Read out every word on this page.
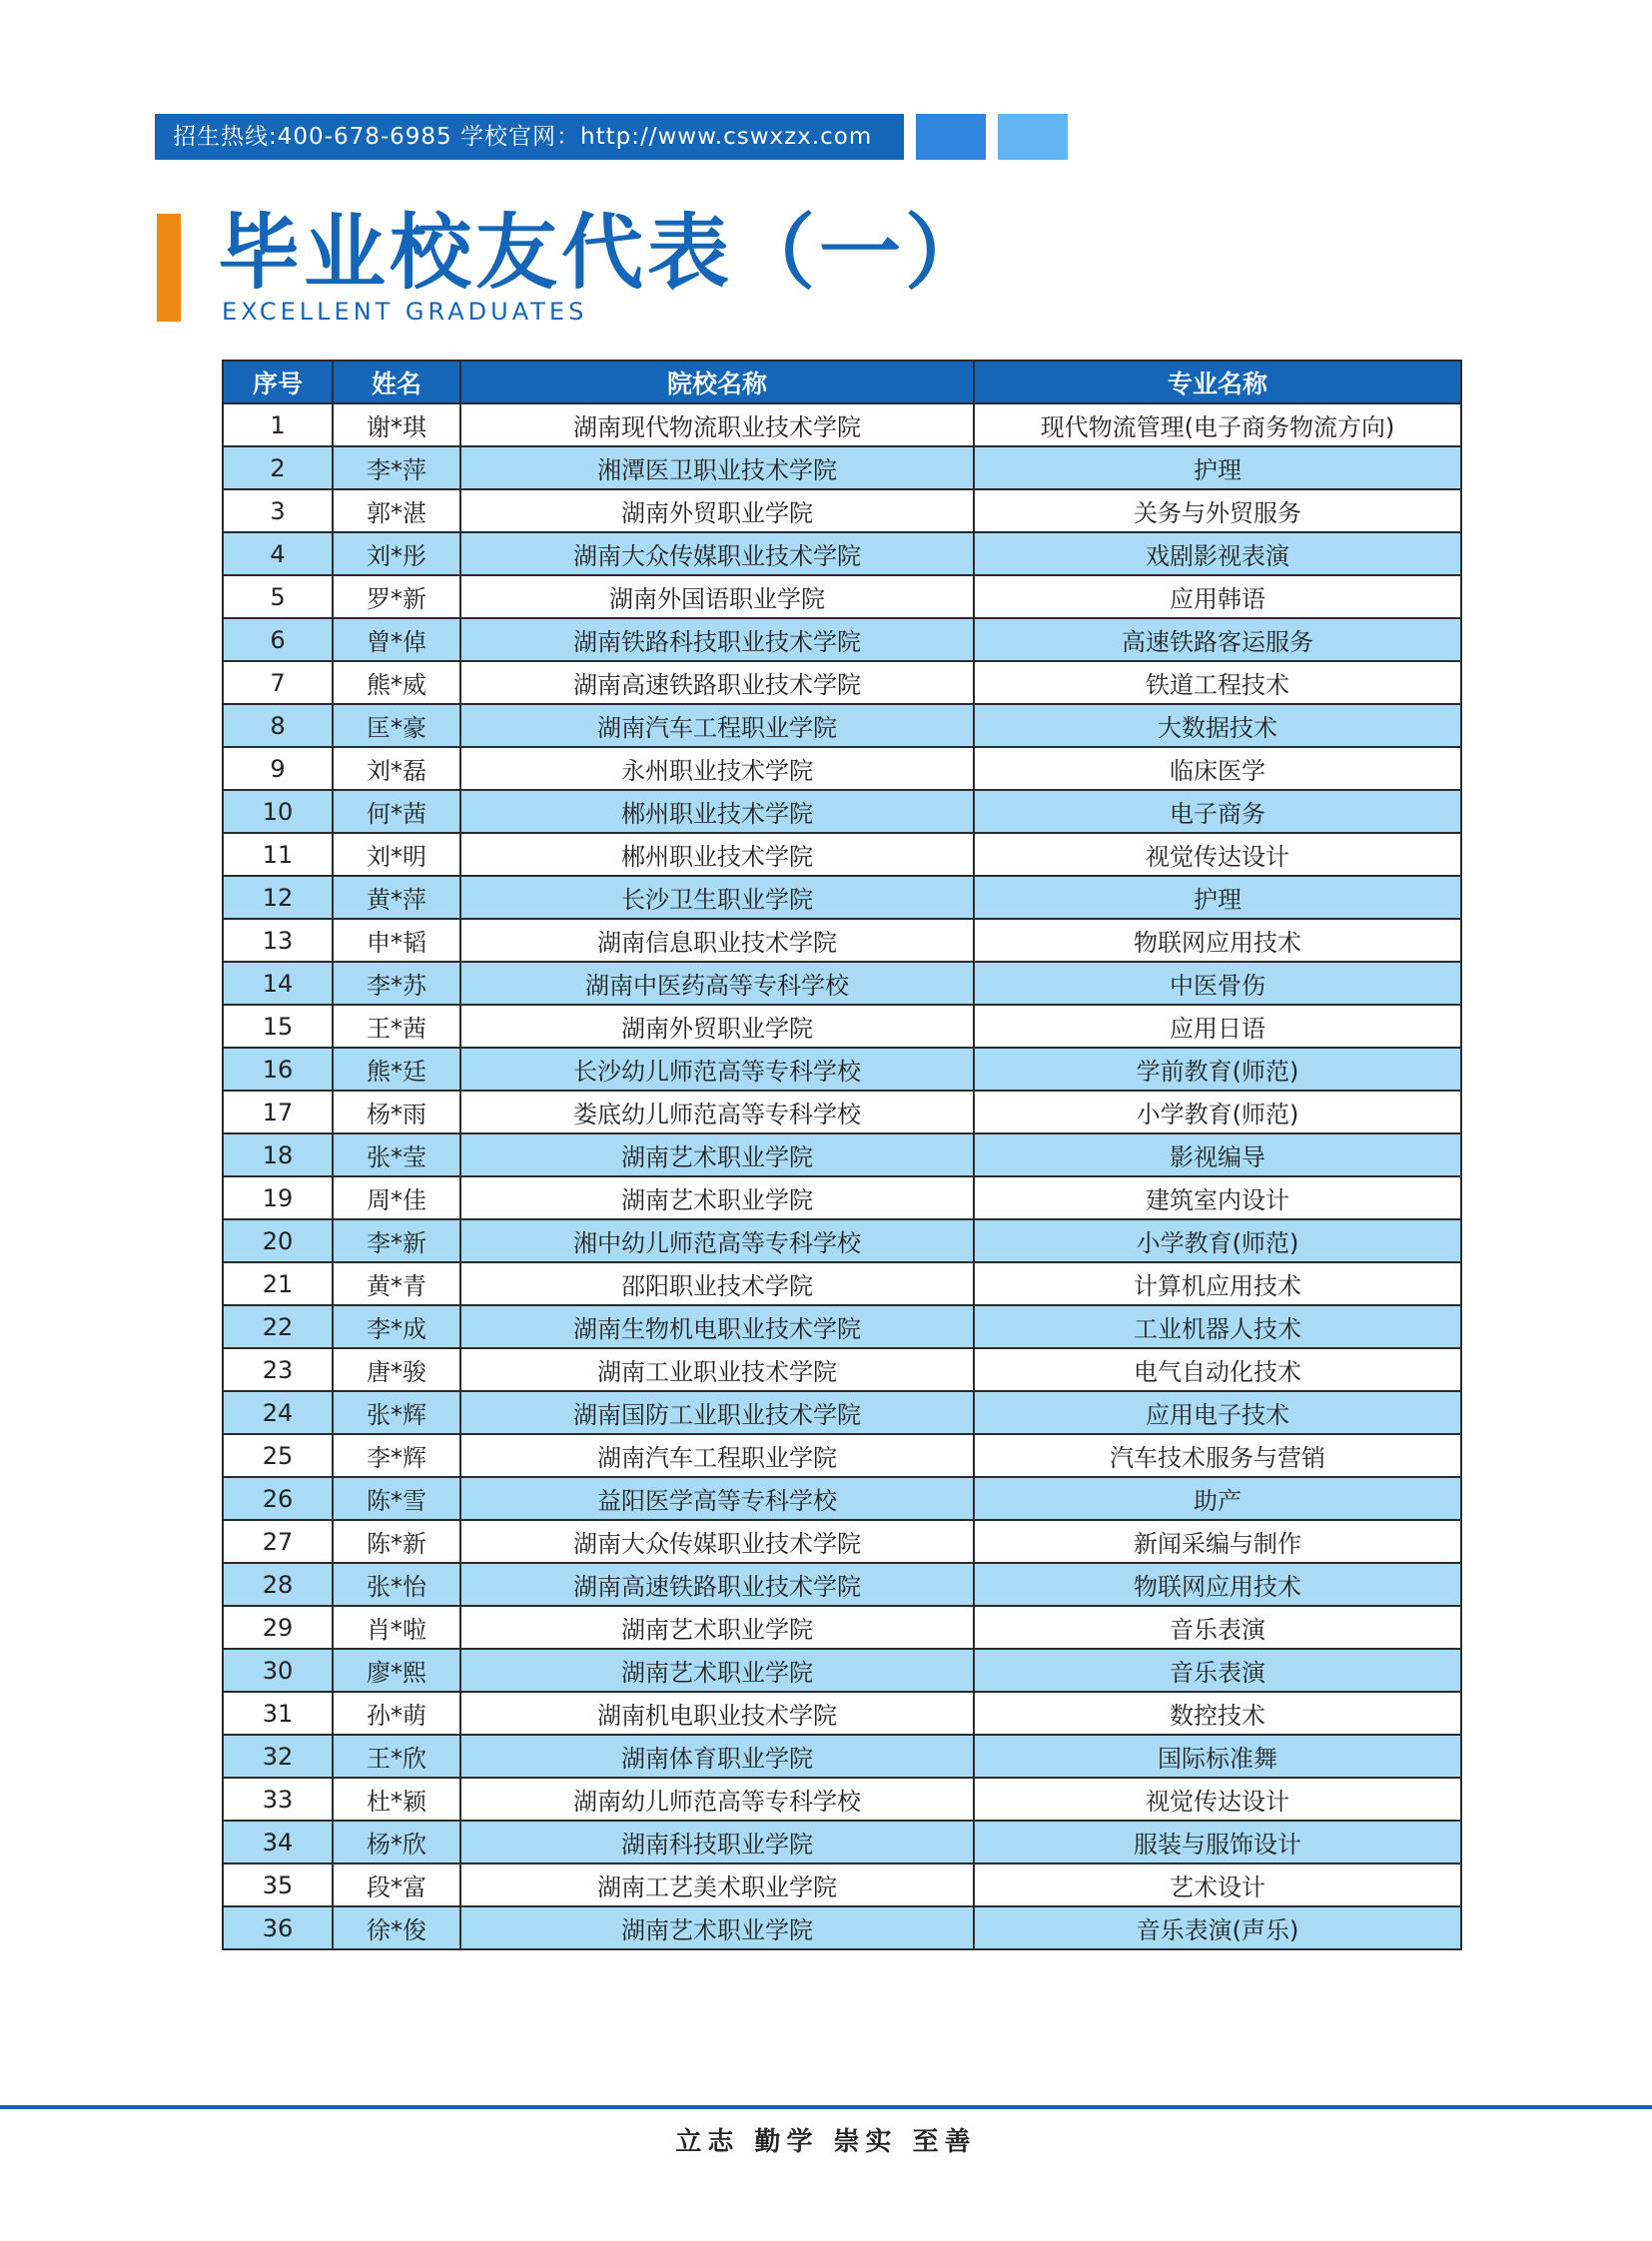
招生热线:400-678-6985 学校官网：http://www.cswxzx.com
毕业校友代表（一）
EXCELLENT GRADUATES
序号	姓名	院校名称	专业名称
1	谢*琪	湖南现代物流职业技术学院	现代物流管理(电子商务物流方向)
2	李*萍	湘潭医卫职业技术学院	护理
3	郭*湛	湖南外贸职业学院	关务与外贸服务
4	刘*彤	湖南大众传媒职业技术学院	戏剧影视表演
5	罗*新	湖南外国语职业学院	应用韩语
6	曾*倬	湖南铁路科技职业技术学院	高速铁路客运服务
7	熊*威	湖南高速铁路职业技术学院	铁道工程技术
8	匡*豪	湖南汽车工程职业学院	大数据技术
9	刘*磊	永州职业技术学院	临床医学
10	何*茜	郴州职业技术学院	电子商务
11	刘*明	郴州职业技术学院	视觉传达设计
12	黄*萍	长沙卫生职业学院	护理
13	申*韬	湖南信息职业技术学院	物联网应用技术
14	李*苏	湖南中医药高等专科学校	中医骨伤
15	王*茜	湖南外贸职业学院	应用日语
16	熊*廷	长沙幼儿师范高等专科学校	学前教育(师范)
17	杨*雨	娄底幼儿师范高等专科学校	小学教育(师范)
18	张*莹	湖南艺术职业学院	影视编导
19	周*佳	湖南艺术职业学院	建筑室内设计
20	李*新	湘中幼儿师范高等专科学校	小学教育(师范)
21	黄*青	邵阳职业技术学院	计算机应用技术
22	李*成	湖南生物机电职业技术学院	工业机器人技术
23	唐*骏	湖南工业职业技术学院	电气自动化技术
24	张*辉	湖南国防工业职业技术学院	应用电子技术
25	李*辉	湖南汽车工程职业学院	汽车技术服务与营销
26	陈*雪	益阳医学高等专科学校	助产
27	陈*新	湖南大众传媒职业技术学院	新闻采编与制作
28	张*怡	湖南高速铁路职业技术学院	物联网应用技术
29	肖*啦	湖南艺术职业学院	音乐表演
30	廖*熙	湖南艺术职业学院	音乐表演
31	孙*萌	湖南机电职业技术学院	数控技术
32	王*欣	湖南体育职业学院	国际标准舞
33	杜*颖	湖南幼儿师范高等专科学校	视觉传达设计
34	杨*欣	湖南科技职业学院	服装与服饰设计
35	段*富	湖南工艺美术职业学院	艺术设计
36	徐*俊	湖南艺术职业学院	音乐表演(声乐)
立志 勤学 崇实 至善
